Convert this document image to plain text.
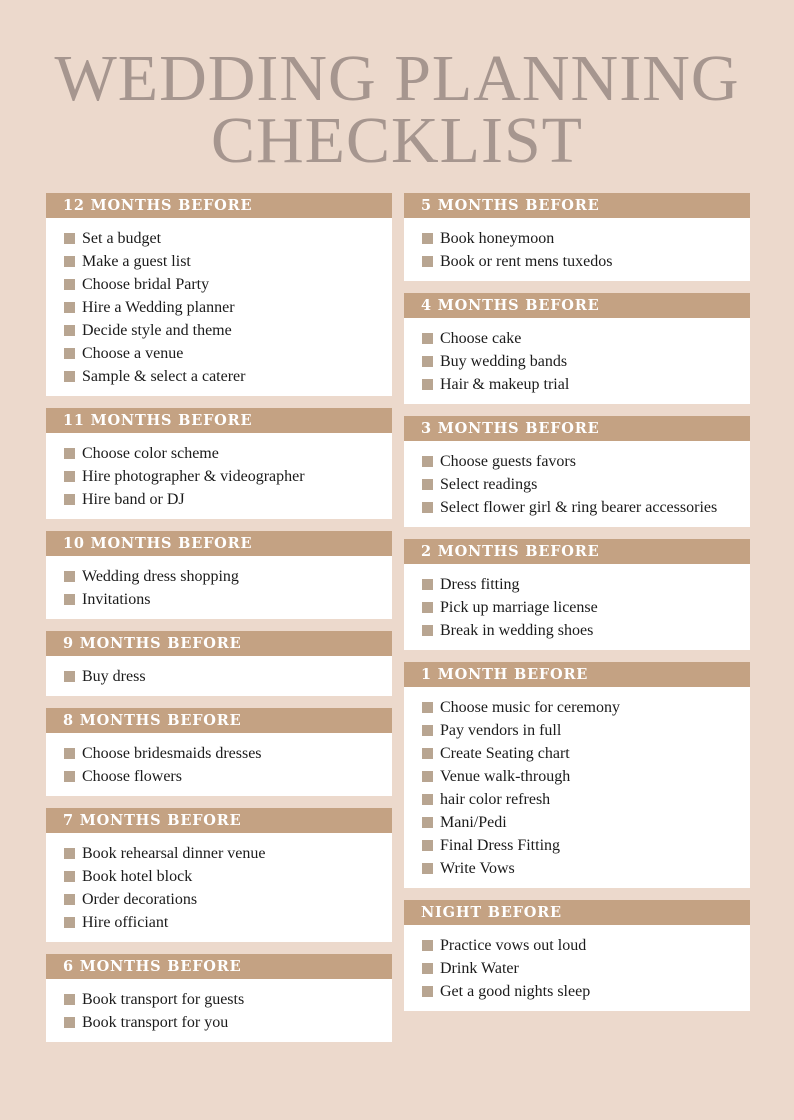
WEDDING PLANNING
CHECKLIST
12 MONTHS BEFORE
Set a budget
Make a guest list
Choose bridal Party
Hire a Wedding planner
Decide style and theme
Choose a venue
Sample & select a caterer
11 MONTHS BEFORE
Choose color scheme
Hire photographer & videographer
Hire band or DJ
10 MONTHS BEFORE
Wedding dress shopping
Invitations
9 MONTHS BEFORE
Buy dress
8 MONTHS BEFORE
Choose bridesmaids dresses
Choose flowers
7 MONTHS BEFORE
Book rehearsal dinner venue
Book hotel block
Order decorations
Hire officiant
6 MONTHS BEFORE
Book transport for guests
Book transport for you
5 MONTHS BEFORE
Book honeymoon
Book or rent mens tuxedos
4 MONTHS BEFORE
Choose cake
Buy wedding bands
Hair & makeup trial
3 MONTHS BEFORE
Choose guests favors
Select readings
Select flower girl & ring bearer accessories
2 MONTHS BEFORE
Dress fitting
Pick up marriage license
Break in wedding shoes
1 MONTH BEFORE
Choose music for ceremony
Pay vendors in full
Create Seating chart
Venue walk-through
hair color refresh
Mani/Pedi
Final Dress Fitting
Write Vows
NIGHT BEFORE
Practice vows out loud
Drink Water
Get a good nights sleep
